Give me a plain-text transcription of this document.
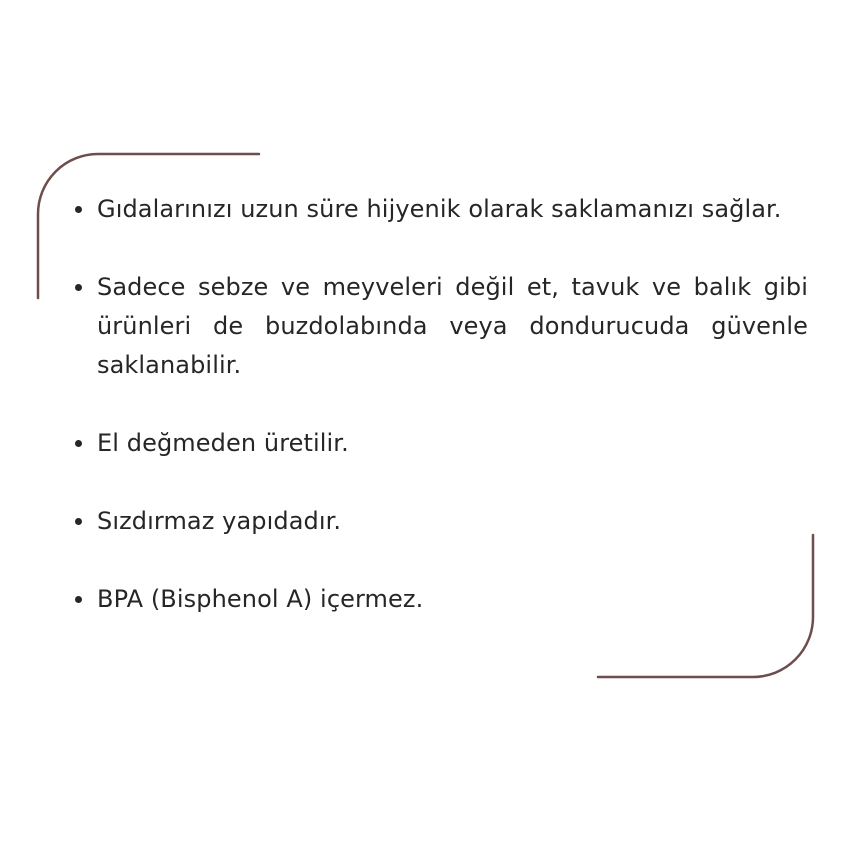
Gıdalarınızı uzun süre hijyenik olarak saklamanızı sağlar.
Sadece sebze ve meyveleri değil et, tavuk ve balık gibi ürünleri de buzdolabında veya dondurucuda güvenle saklanabilir.
El değmeden üretilir.
Sızdırmaz yapıdadır.
BPA (Bisphenol A) içermez.
